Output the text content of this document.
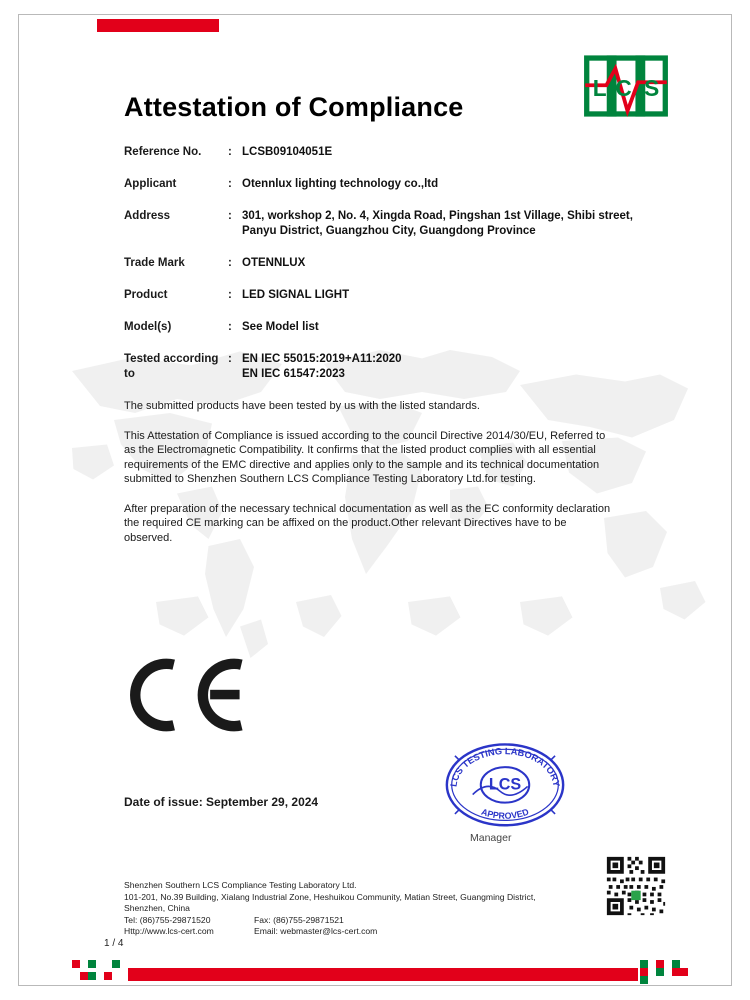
L C S
Attestation of Compliance
Reference No.	: LCSB09104051E
Applicant	: Otennlux lighting technology co.,ltd
Address	: 301, workshop 2, No. 4, Xingda Road, Pingshan 1st Village, Shibi street, Panyu District, Guangzhou City, Guangdong Province
Trade Mark	: OTENNLUX
Product	: LED SIGNAL LIGHT
Model(s)	: See Model list
Tested according to
: EN IEC 55015:2019+A11:2020
EN IEC 61547:2023

The submitted products have been tested by us with the listed standards.

This Attestation of Compliance is issued according to the council Directive 2014/30/EU, Referred to as the Electromagnetic Compatibility. It confirms that the listed product complies with all essential requirements of the EMC directive and applies only to the sample and its technical documentation submitted to Shenzhen Southern LCS Compliance Testing Laboratory Ltd.for testing.

After preparation of the necessary technical documentation as well as the EC conformity declaration the required CE marking can be affixed on the product.Other relevant Directives have to be observed.

Date of issue: September 29, 2024
LCS TESTING LABORATORY
APPROVED
LCS
Manager
Shenzhen Southern LCS Compliance Testing Laboratory Ltd.
101-201, No.39 Building, Xialang Industrial Zone, Heshuikou Community, Matian Street, Guangming District, Shenzhen, China
Tel: (86)755-29871520	Fax: (86)755-29871521
Http://www.lcs-cert.com	Email: webmaster@lcs-cert.com
1 / 4
